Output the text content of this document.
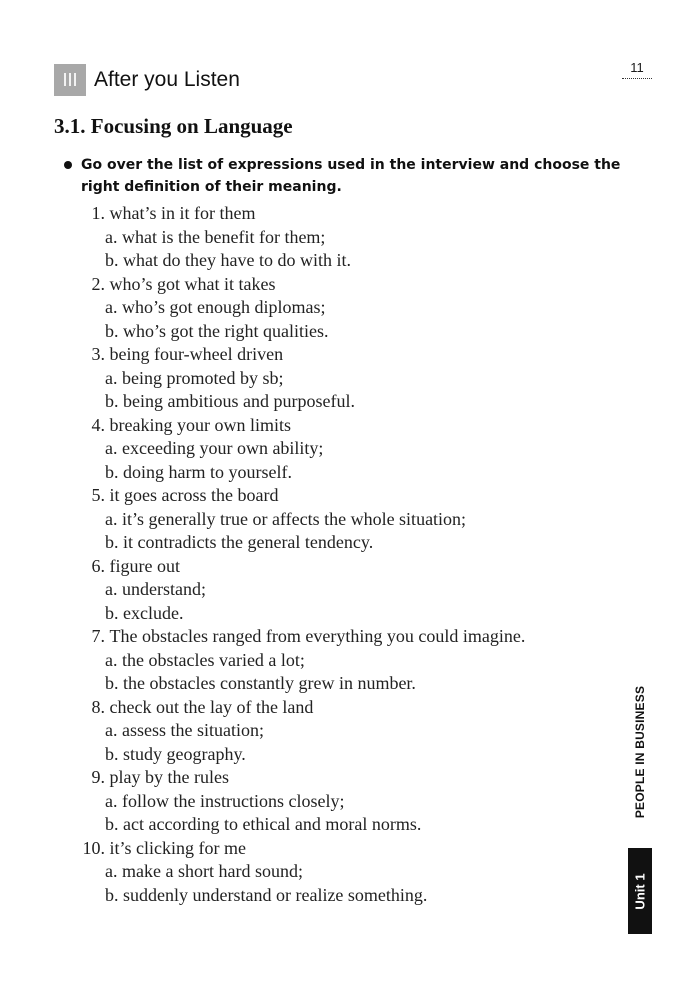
11
III After you Listen
3.1. Focusing on Language
Go over the list of expressions used in the interview and choose the right definition of their meaning.
1.
what’s in it for them
a. what is the benefit for them;
b. what do they have to do with it.
2.
who’s got what it takes
a. who’s got enough diplomas;
b. who’s got the right qualities.
3.
being four-wheel driven
a. being promoted by sb;
b. being ambitious and purposeful.
4.
breaking your own limits
a. exceeding your own ability;
b. doing harm to yourself.
5.
it goes across the board
a. it’s generally true or affects the whole situation;
b. it contradicts the general tendency.
6.
figure out
a. understand;
b. exclude.
7.
The obstacles ranged from everything you could imagine.
a. the obstacles varied a lot;
b. the obstacles constantly grew in number.
8.
check out the lay of the land
a. assess the situation;
b. study geography.
9.
play by the rules
a. follow the instructions closely;
b. act according to ethical and moral norms.
10.
it’s clicking for me
a. make a short hard sound;
b. suddenly understand or realize something.
PEOPLE IN BUSINESS
Unit 1
